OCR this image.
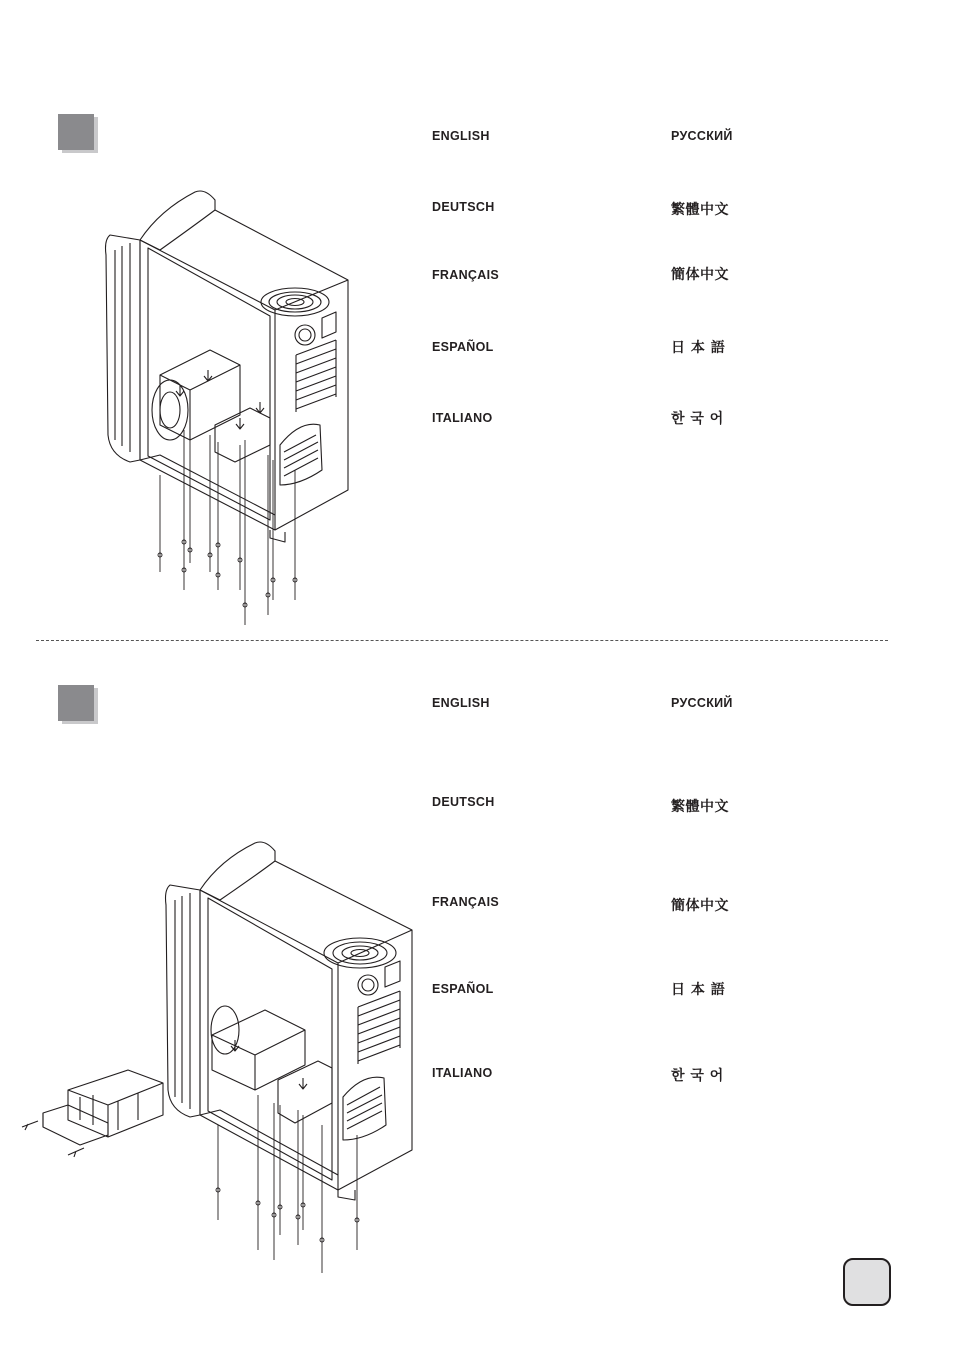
ENGLISH
DEUTSCH
FRANÇAIS
ESPAÑOL
ITALIANO
РУССКИЙ
繁體中文
簡体中文
日 本 語
한 국 어
ENGLISH
DEUTSCH
FRANÇAIS
ESPAÑOL
ITALIANO
РУССКИЙ
繁體中文
簡体中文
日 本 語
한 국 어
